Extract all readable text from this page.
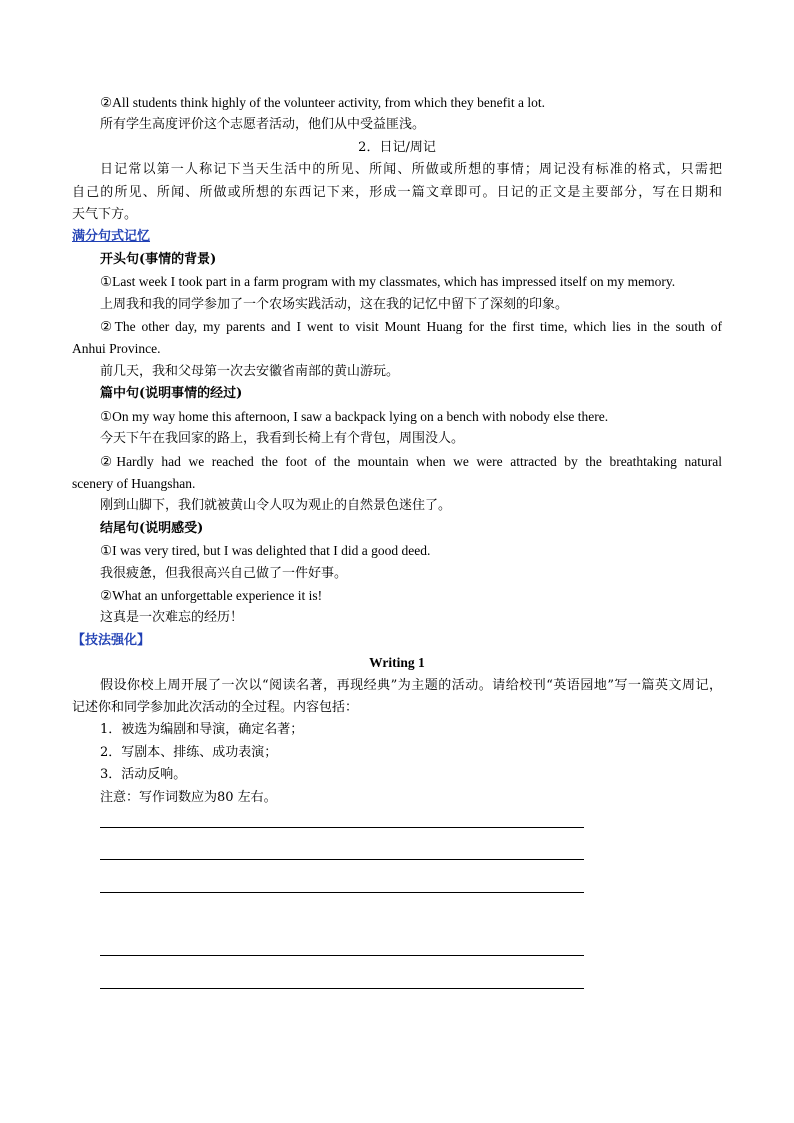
②All students think highly of the volunteer activity, from which they benefit a lot.
所有学生高度评价这个志愿者活动，他们从中受益匪浅。
2．日记/周记
日记常以第一人称记下当天生活中的所见、所闻、所做或所想的事情；周记没有标准的格式，只需把
自己的所见、所闻、所做或所想的东西记下来，形成一篇文章即可。日记的正文是主要部分，写在日期和
天气下方。
满分句式记忆
开头句(事情的背景)
①Last week I took part in a farm program with my classmates, which has impressed itself on my memory.
上周我和我的同学参加了一个农场实践活动，这在我的记忆中留下了深刻的印象。
②The other day, my parents and I went to visit Mount Huang for the first time, which lies in the south of
Anhui Province.
前几天，我和父母第一次去安徽省南部的黄山游玩。
篇中句(说明事情的经过)
①On my way home this afternoon, I saw a backpack lying on a bench with nobody else there.
今天下午在我回家的路上，我看到长椅上有个背包，周围没人。
②Hardly had we reached the foot of the mountain when we were attracted by the breathtaking natural
scenery of Huangshan.
刚到山脚下，我们就被黄山令人叹为观止的自然景色迷住了。
结尾句(说明感受)
①I was very tired, but I was delighted that I did a good deed.
我很疲惫，但我很高兴自己做了一件好事。
②What an unforgettable experience it is!
这真是一次难忘的经历！
【技法强化】
Writing 1
假设你校上周开展了一次以“阅读名著，再现经典”为主题的活动。请给校刊“英语园地”写一篇英文周记，
记述你和同学参加此次活动的全过程。内容包括：
1．被选为编剧和导演，确定名著；
2．写剧本、排练、成功表演；
3．活动反响。
注意：写作词数应为80 左右。
